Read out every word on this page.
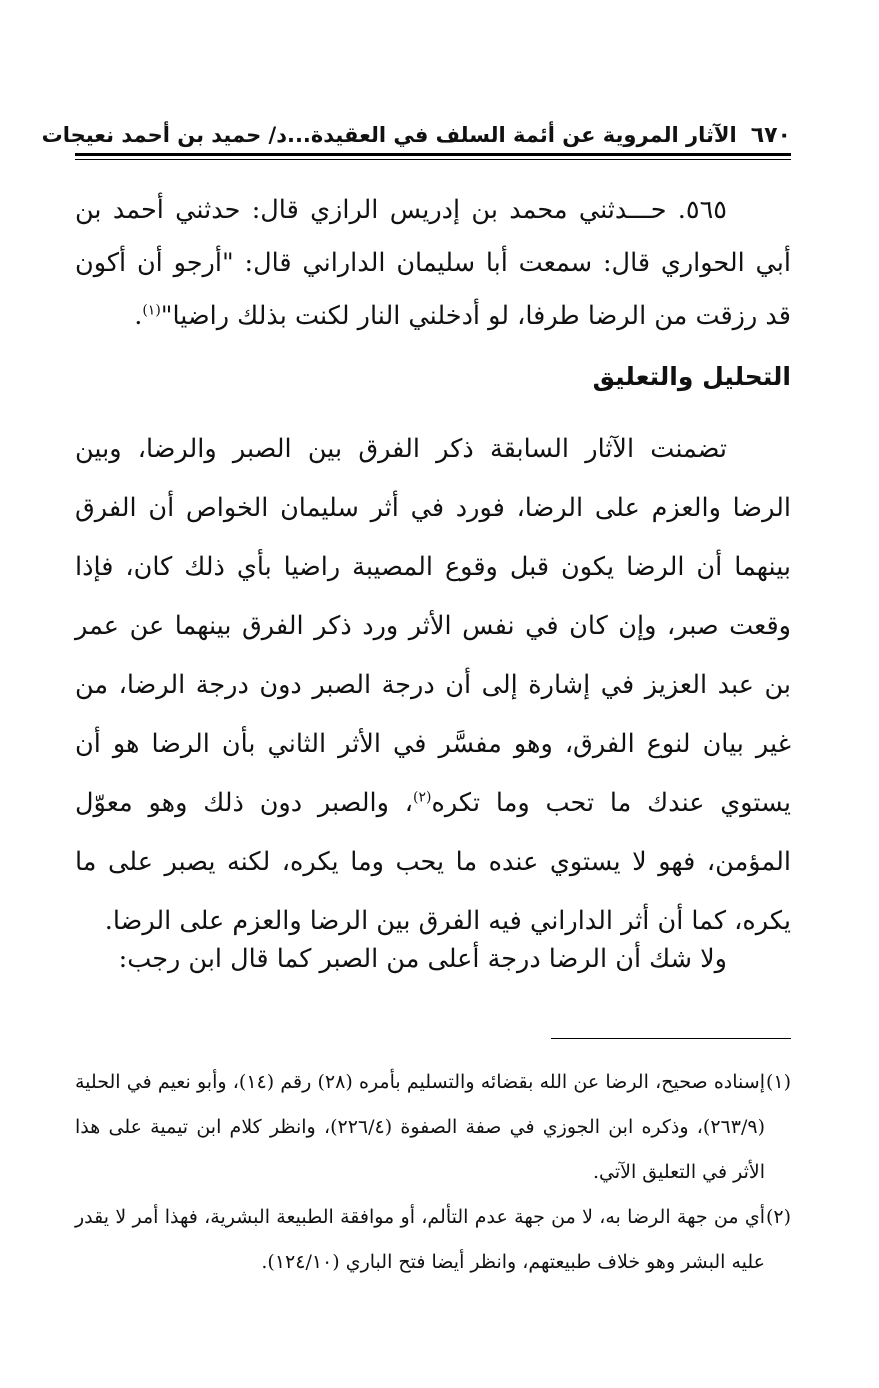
٦٧٠
الآثار المروية عن أئمة السلف في العقيدة...د/ حميد بن أحمد نعيجات

٥٦٥. حـــدثني محمد بن إدريس الرازي قال: حدثني أحمد بن أبي الحواري قال: سمعت أبا سليمان الداراني قال: "أرجو أن أكون قد رزقت من الرضا طرفا، لو أدخلني النار لكنت بذلك راضيا"$^{(١)}$.

التحليل والتعليق

تضمنت الآثار السابقة ذكر الفرق بين الصبر والرضا، وبين الرضا والعزم على الرضا، فورد في أثر سليمان الخواص أن الفرق بينهما أن الرضا يكون قبل وقوع المصيبة راضيا بأي ذلك كان، فإذا وقعت صبر، وإن كان في نفس الأثر ورد ذكر الفرق بينهما عن عمر بن عبد العزيز في إشارة إلى أن درجة الصبر دون درجة الرضا، من غير بيان لنوع الفرق، وهو مفسَّر في الأثر الثاني بأن الرضا هو أن يستوي عندك ما تحب وما تكره$^{(٢)}$، والصبر دون ذلك وهو معوّل المؤمن، فهو لا يستوي عنده ما يحب وما يكره، لكنه يصبر على ما يكره، كما أن أثر الداراني فيه الفرق بين الرضا والعزم على الرضا.

ولا شك أن الرضا درجة أعلى من الصبر كما قال ابن رجب:

(١)إسناده صحيح، الرضا عن الله بقضائه والتسليم بأمره (٢٨) رقم (١٤)، وأبو نعيم في الحلية (٢٦٣/٩)، وذكره ابن الجوزي في صفة الصفوة (٢٢٦/٤)، وانظر كلام ابن تيمية على هذا الأثر في التعليق الآتي.

(٢)أي من جهة الرضا به، لا من جهة عدم التألم، أو موافقة الطبيعة البشرية، فهذا أمر لا يقدر عليه البشر وهو خلاف طبيعتهم، وانظر أيضا فتح الباري (١٢٤/١٠).
